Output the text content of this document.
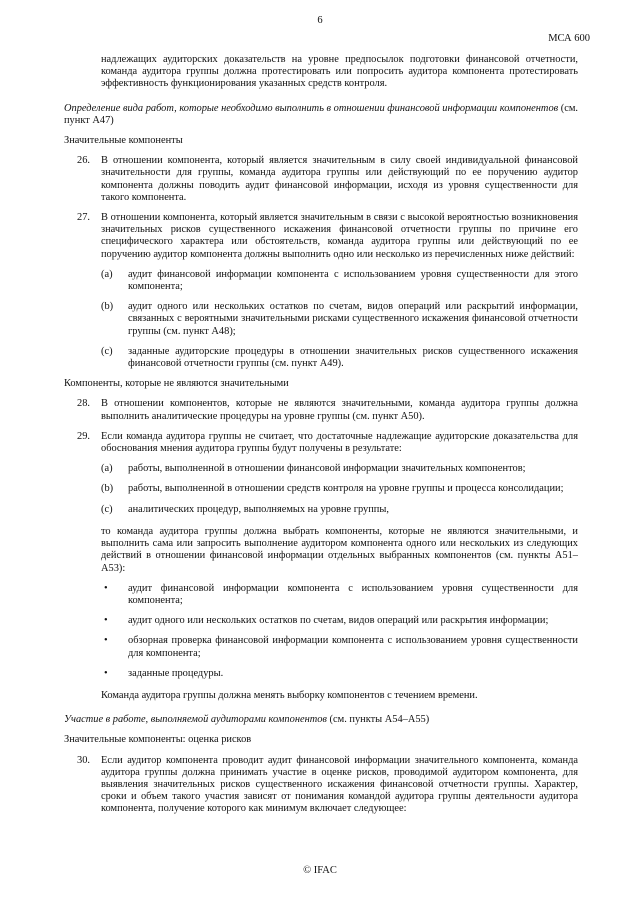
6
МСА 600

надлежащих аудиторских доказательств на уровне предпосылок подготовки финансовой отчетности, команда аудитора группы должна протестировать или попросить аудитора компонента протестировать эффективность функционирования указанных средств контроля.

Определение вида работ, которые необходимо выполнить в отношении финансовой информации компонентов (см. пункт А47)

Значительные компоненты

26. В отношении компонента, который является значительным в силу своей индивидуальной финансовой значительности для группы, команда аудитора группы или действующий по ее поручению аудитор компонента должны поводить аудит финансовой информации, исходя из уровня существенности для такого компонента.

27. В отношении компонента, который является значительным в связи с высокой вероятностью возникновения значительных рисков существенного искажения финансовой отчетности группы по причине его специфического характера или обстоятельств, команда аудитора группы или действующий по ее поручению аудитор компонента должны выполнить одно или несколько из перечисленных ниже действий:

(a) аудит финансовой информации компонента с использованием уровня существенности для этого компонента;

(b) аудит одного или нескольких остатков по счетам, видов операций или раскрытий информации, связанных с вероятными значительными рисками существенного искажения финансовой отчетности группы (см. пункт А48);

(c) заданные аудиторские процедуры в отношении значительных рисков существенного искажения финансовой отчетности группы (см. пункт А49).

Компоненты, которые не являются значительными

28. В отношении компонентов, которые не являются значительными, команда аудитора группы должна выполнить аналитические процедуры на уровне группы (см. пункт А50).

29. Если команда аудитора группы не считает, что достаточные надлежащие аудиторские доказательства для обоснования мнения аудитора группы будут получены в результате:

(a) работы, выполненной в отношении финансовой информации значительных компонентов;

(b) работы, выполненной в отношении средств контроля на уровне группы и процесса консолидации;

(c) аналитических процедур, выполняемых на уровне группы,

то команда аудитора группы должна выбрать компоненты, которые не являются значительными, и выполнить сама или запросить выполнение аудитором компонента одного или нескольких из следующих действий в отношении финансовой информации отдельных выбранных компонентов (см. пункты А51–А53):

• аудит финансовой информации компонента с использованием уровня существенности для компонента;

• аудит одного или нескольких остатков по счетам, видов операций или раскрытия информации;

• обзорная проверка финансовой информации компонента с использованием уровня существенности для компонента;

• заданные процедуры.

Команда аудитора группы должна менять выборку компонентов с течением времени.

Участие в работе, выполняемой аудиторами компонентов (см. пункты А54–А55)

Значительные компоненты: оценка рисков

30. Если аудитор компонента проводит аудит финансовой информации значительного компонента, команда аудитора группы должна принимать участие в оценке рисков, проводимой аудитором компонента, для выявления значительных рисков существенного искажения финансовой отчетности группы. Характер, сроки и объем такого участия зависят от понимания командой аудитора группы деятельности аудитора компонента, получение которого как минимум включает следующее:

© IFAC
